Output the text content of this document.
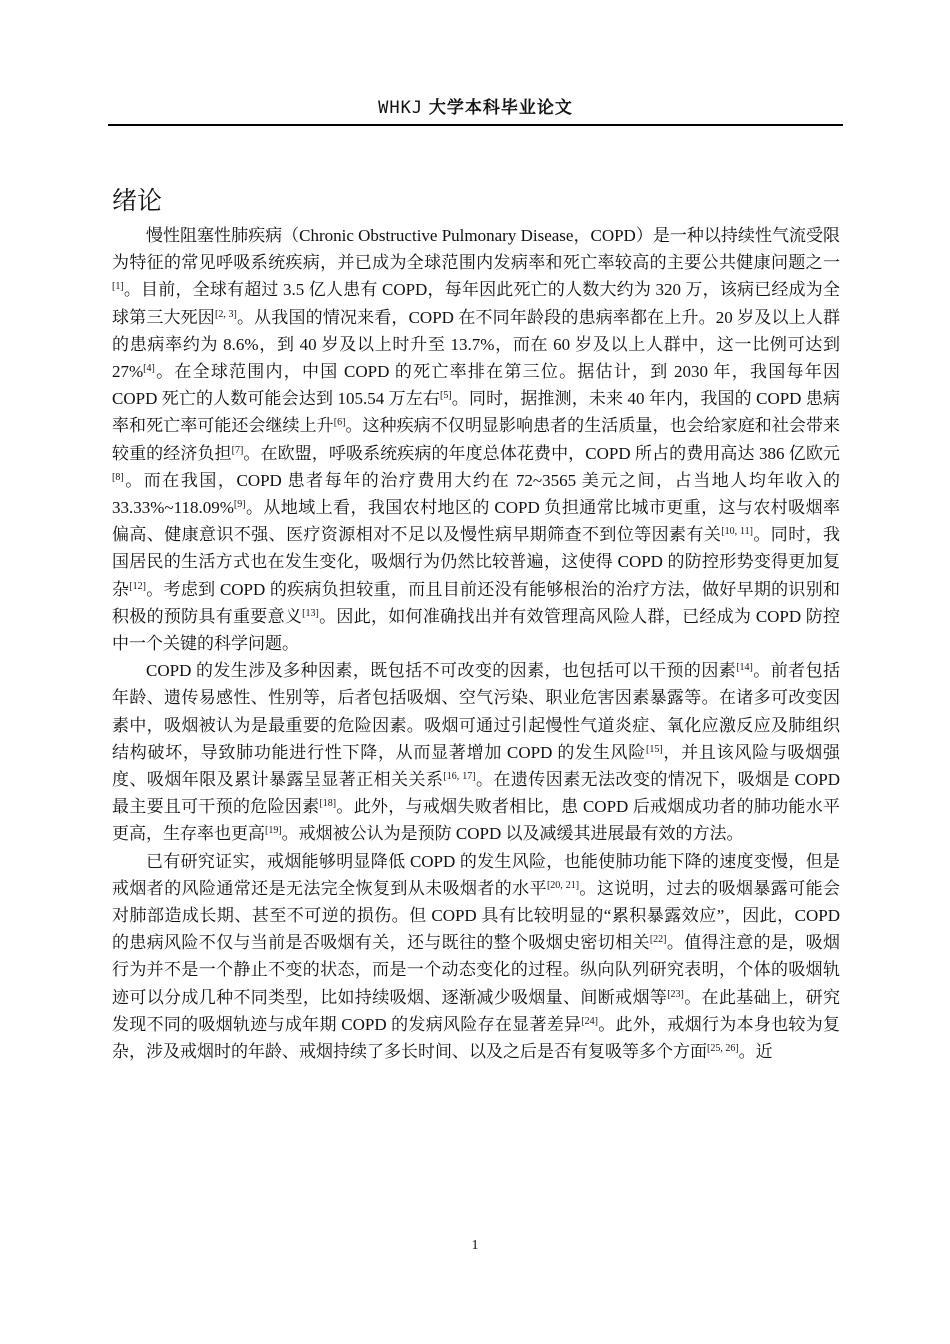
WHKJ 大学本科毕业论文
绪论

慢性阻塞性肺疾病（Chronic Obstructive Pulmonary Disease，COPD）是一种以持续性气流受限为特征的常见呼吸系统疾病，并已成为全球范围内发病率和死亡率较高的主要公共健康问题之一[1]。目前，全球有超过 3.5 亿人患有 COPD，每年因此死亡的人数大约为 320 万，该病已经成为全球第三大死因[2, 3]。从我国的情况来看，COPD 在不同年龄段的患病率都在上升。20 岁及以上人群的患病率约为 8.6%，到 40 岁及以上时升至 13.7%，而在 60 岁及以上人群中，这一比例可达到 27%[4]。在全球范围内，中国 COPD 的死亡率排在第三位。据估计，到 2030 年，我国每年因 COPD 死亡的人数可能会达到 105.54 万左右[5]。同时，据推测，未来 40 年内，我国的 COPD 患病率和死亡率可能还会继续上升[6]。这种疾病不仅明显影响患者的生活质量，也会给家庭和社会带来较重的经济负担[7]。在欧盟，呼吸系统疾病的年度总体花费中，COPD 所占的费用高达 386 亿欧元[8]。而在我国，COPD 患者每年的治疗费用大约在 72~3565 美元之间，占当地人均年收入的 33.33%~118.09%[9]。从地域上看，我国农村地区的 COPD 负担通常比城市更重，这与农村吸烟率偏高、健康意识不强、医疗资源相对不足以及慢性病早期筛查不到位等因素有关[10, 11]。同时，我国居民的生活方式也在发生变化，吸烟行为仍然比较普遍，这使得 COPD 的防控形势变得更加复杂[12]。考虑到 COPD 的疾病负担较重，而且目前还没有能够根治的治疗方法，做好早期的识别和积极的预防具有重要意义[13]。因此，如何准确找出并有效管理高风险人群，已经成为 COPD 防控中一个关键的科学问题。

COPD 的发生涉及多种因素，既包括不可改变的因素，也包括可以干预的因素[14]。前者包括年龄、遗传易感性、性别等，后者包括吸烟、空气污染、职业危害因素暴露等。在诸多可改变因素中，吸烟被认为是最重要的危险因素。吸烟可通过引起慢性气道炎症、氧化应激反应及肺组织结构破坏，导致肺功能进行性下降，从而显著增加 COPD 的发生风险[15]，并且该风险与吸烟强度、吸烟年限及累计暴露呈显著正相关关系[16, 17]。在遗传因素无法改变的情况下，吸烟是 COPD 最主要且可干预的危险因素[18]。此外，与戒烟失败者相比，患 COPD 后戒烟成功者的肺功能水平更高，生存率也更高[19]。戒烟被公认为是预防 COPD 以及减缓其进展最有效的方法。

已有研究证实，戒烟能够明显降低 COPD 的发生风险，也能使肺功能下降的速度变慢，但是戒烟者的风险通常还是无法完全恢复到从未吸烟者的水平[20, 21]。这说明，过去的吸烟暴露可能会对肺部造成长期、甚至不可逆的损伤。但 COPD 具有比较明显的“累积暴露效应”，因此，COPD 的患病风险不仅与当前是否吸烟有关，还与既往的整个吸烟史密切相关[22]。值得注意的是，吸烟行为并不是一个静止不变的状态，而是一个动态变化的过程。纵向队列研究表明，个体的吸烟轨迹可以分成几种不同类型，比如持续吸烟、逐渐减少吸烟量、间断戒烟等[23]。在此基础上，研究发现不同的吸烟轨迹与成年期 COPD 的发病风险存在显著差异[24]。此外，戒烟行为本身也较为复杂，涉及戒烟时的年龄、戒烟持续了多长时间、以及之后是否有复吸等多个方面[25, 26]。近

1
